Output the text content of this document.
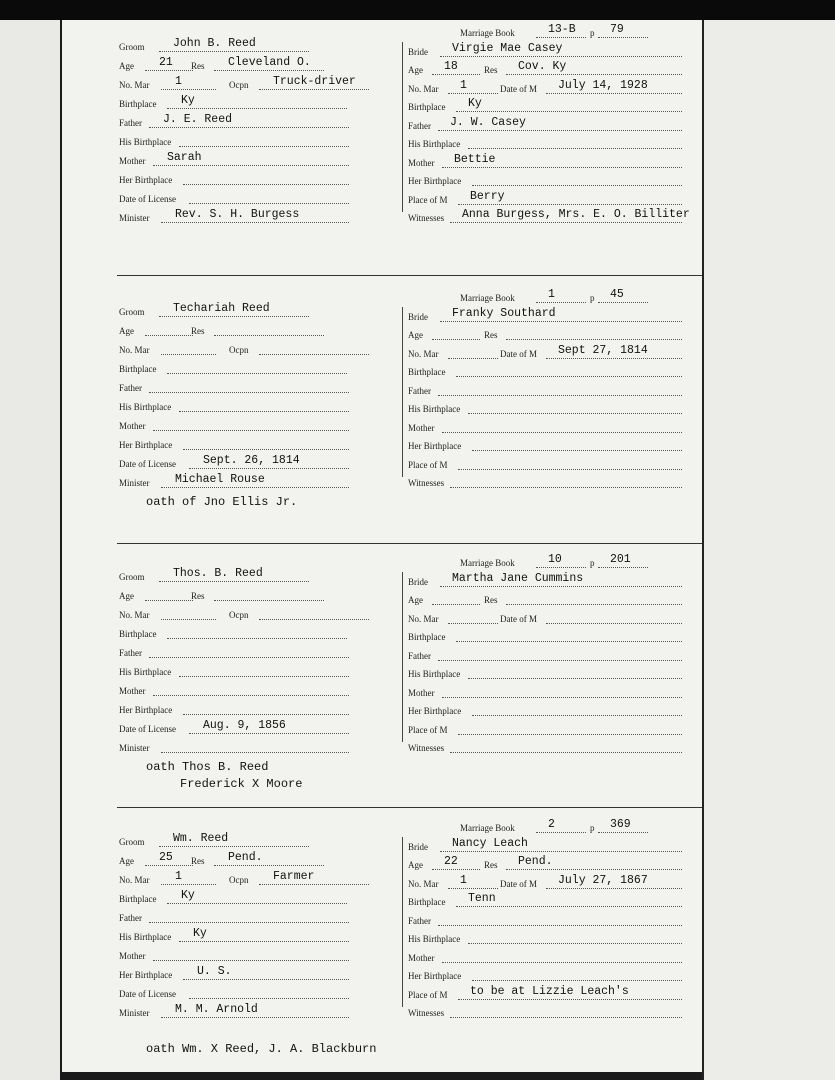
Groom John B. Reed
Age 21 Res Cleveland O.
No. Mar 1	Ocpn Truck-driver
Birthplace Ky
Father J. E. Reed
His Birthplace
Mother Sarah
Her Birthplace
Date of License
Minister Rev. S. H. Burgess
Marriage Book	13-B p 79
Bride Virgie Mae Casey
Age 18	Res Cov. Ky
No. Mar 1	Date of M July 14, 1928
Birthplace Ky
Father J. W. Casey
His Birthplace
Mother Bettie
Her Birthplace
Place of M Berry
Witnesses Anna Burgess, Mrs. E. O. Billiter
Groom Techariah Reed
Age	Res
No. Mar	Ocpn
Birthplace
Father
His Birthplace
Mother
Her Birthplace
Date of License Sept. 26, 1814
Minister Michael Rouse
Marriage Book	1	p 45
Bride Franky Southard
Age	Res
No. Mar	Date of M Sept 27, 1814
Birthplace
Father
His Birthplace
Mother
Her Birthplace
Place of M
Witnesses
oath of Jno Ellis Jr.
Groom Thos. B. Reed
Age	Res
No. Mar	Ocpn
Birthplace
Father
His Birthplace
Mother
Her Birthplace
Date of License Aug. 9, 1856
Minister
Marriage Book	10	p 201
Bride Martha Jane Cummins
Age	Res
No. Mar	Date of M
Birthplace
Father
His Birthplace
Mother
Her Birthplace
Place of M
Witnesses
oath Thos B. Reed
Frederick X Moore
Groom Wm. Reed
Age 25 Res Pend.
No. Mar 1	Ocpn Farmer
Birthplace Ky
Father
His Birthplace Ky
Mother
Her Birthplace U. S.
Date of License
Minister M. M. Arnold
Marriage Book	2	p 369
Bride Nancy Leach
Age 22	Res Pend.
No. Mar 1	Date of M July 27, 1867
Birthplace Tenn
Father
His Birthplace
Mother
Her Birthplace
Place of M to be at Lizzie Leach's
Witnesses
oath Wm. X Reed, J. A. Blackburn
